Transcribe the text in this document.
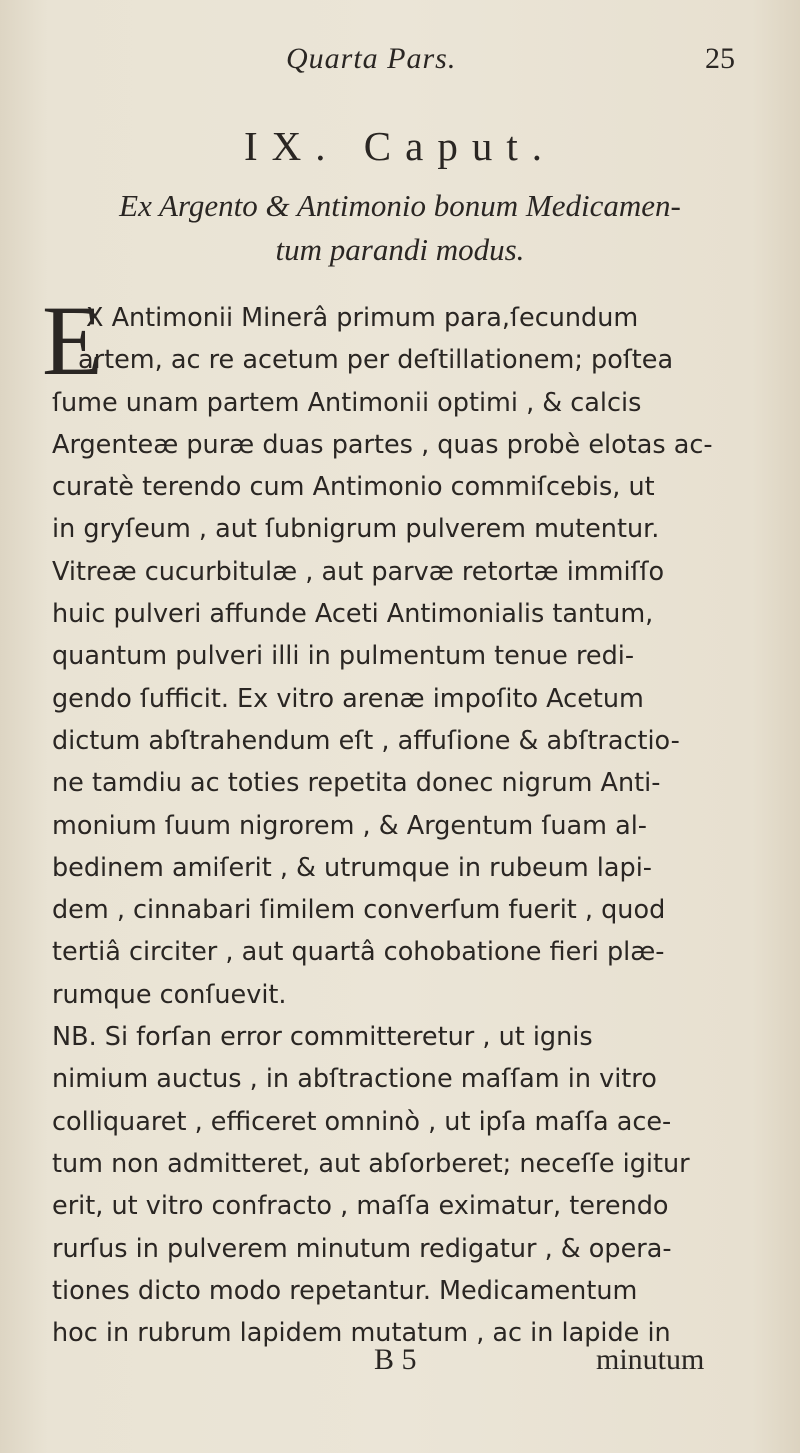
Quarta Pars.	25
IX. Caput.
Ex Argento & Antimonio bonum Medicamen-
tum parandi modus.
E
X Antimonii Minerâ primum para,ſecundum
artem, ac re acetum per deſtillationem; poſtea
ſume unam partem Antimonii optimi , & calcis
Argenteæ puræ duas partes , quas probè elotas ac-
curatè terendo cum Antimonio commiſcebis, ut
in gryſeum , aut ſubnigrum pulverem mutentur.
Vitreæ cucurbitulæ , aut parvæ retortæ immiſſo
huic pulveri affunde Aceti Antimonialis tantum,
quantum pulveri illi in pulmentum tenue redi-
gendo ſufficit. Ex vitro arenæ impoſito Acetum
dictum abſtrahendum eſt , affuſione & abſtractio-
ne tamdiu ac toties repetita donec nigrum Anti-
monium ſuum nigrorem , & Argentum ſuam al-
bedinem amiſerit , & utrumque in rubeum lapi-
dem , cinnabari ſimilem converſum fuerit , quod
tertiâ circiter , aut quartâ cohobatione fieri plæ-
rumque conſuevit.
NB. Si forſan error committeretur , ut ignis
nimium auctus , in abſtractione maſſam in vitro
colliquaret , efficeret omninò , ut ipſa maſſa ace-
tum non admitteret, aut abſorberet; neceſſe igitur
erit, ut vitro confracto , maſſa eximatur, terendo
rurſus in pulverem minutum redigatur , & opera-
tiones dicto modo repetantur. Medicamentum
hoc in rubrum lapidem mutatum , ac in lapide in
B 5	minutum
